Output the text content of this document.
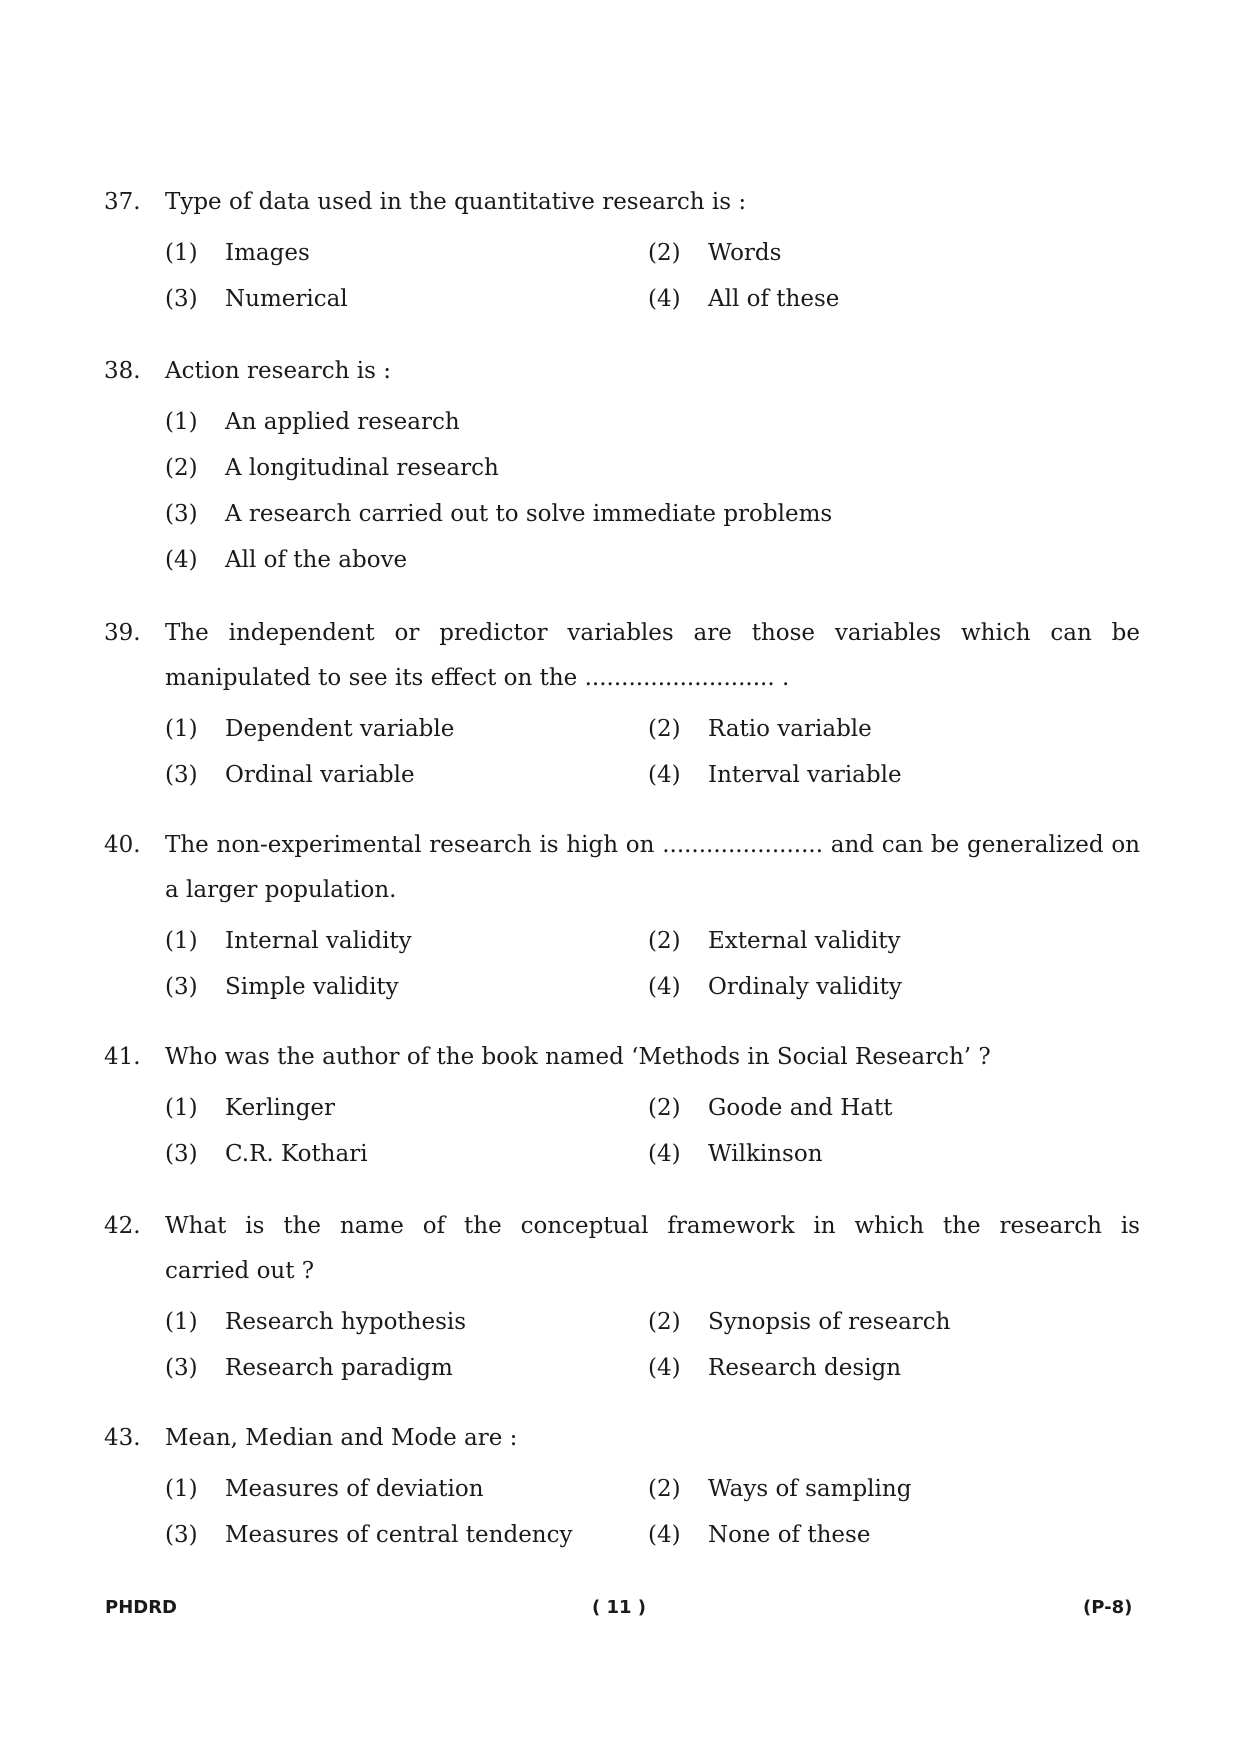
37. Type of data used in the quantitative research is :
(1)	Images	(2)	Words
(3)	Numerical	(4)	All of these
38. Action research is :
(1)	An applied research
(2)	A longitudinal research
(3)	A research carried out to solve immediate problems
(4)	All of the above
39. The independent or predictor variables are those variables which can be
manipulated to see its effect on the .......................... .
(1)	Dependent variable	(2)	Ratio variable
(3)	Ordinal variable	(4)	Interval variable
40. The non-experimental research is high on ...................... and can be generalized on
a larger population.
(1)	Internal validity	(2)	External validity
(3)	Simple validity	(4)	Ordinaly validity
41. Who was the author of the book named ‘Methods in Social Research’ ?
(1)	Kerlinger	(2)	Goode and Hatt
(3)	C.R. Kothari	(4)	Wilkinson
42. What is the name of the conceptual framework in which the research is
carried out ?
(1)	Research hypothesis	(2)	Synopsis of research
(3)	Research paradigm	(4)	Research design
43. Mean, Median and Mode are :
(1)	Measures of deviation	(2)	Ways of sampling
(3)	Measures of central tendency	(4)	None of these
PHDRD	( 11 )	(P-8)
